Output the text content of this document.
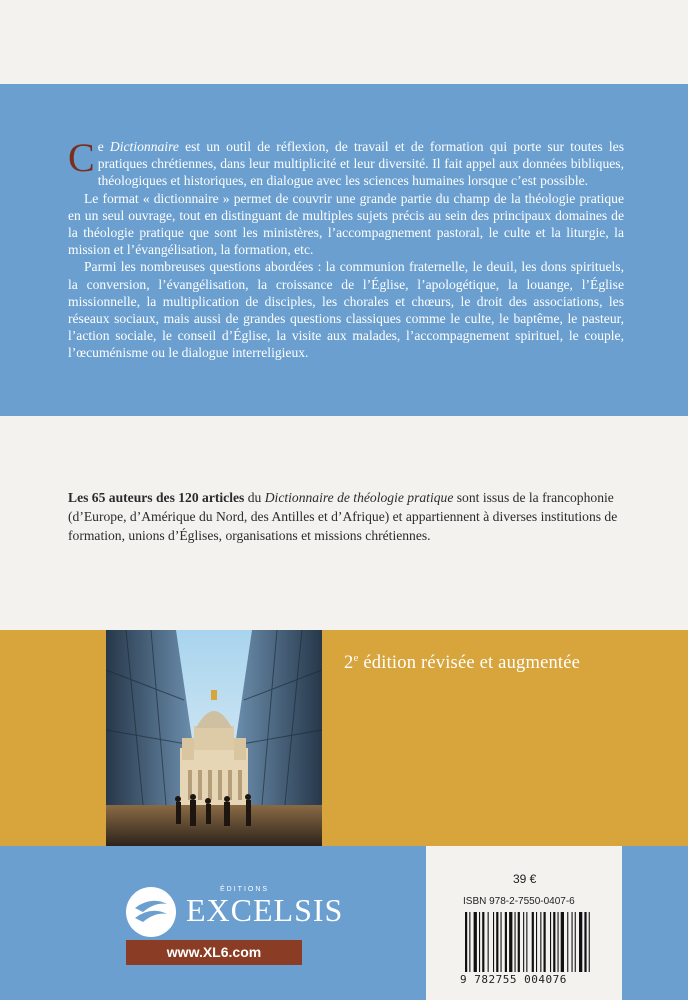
Ce Dictionnaire est un outil de réflexion, de travail et de formation qui porte sur toutes les pratiques chrétiennes, dans leur multiplicité et leur diversité. Il fait appel aux données bibliques, théologiques et historiques, en dialogue avec les sciences humaines lorsque c’est possible.

Le format « dictionnaire » permet de couvrir une grande partie du champ de la théologie pratique en un seul ouvrage, tout en distinguant de multiples sujets précis au sein des principaux domaines de la théologie pratique que sont les ministères, l’accompagnement pastoral, le culte et la liturgie, la mission et l’évangélisation, la formation, etc.

Parmi les nombreuses questions abordées : la communion fraternelle, le deuil, les dons spirituels, la conversion, l’évangélisation, la croissance de l’Église, l’apologétique, la louange, l’Église missionnelle, la multiplication de disciples, les chorales et chœurs, le droit des associations, les réseaux sociaux, mais aussi de grandes questions classiques comme le culte, le baptême, le pasteur, l’action sociale, le conseil d’Église, la visite aux malades, l’accompagnement spirituel, le couple, l’œcuménisme ou le dialogue interreligieux.

Les 65 auteurs des 120 articles du Dictionnaire de théologie pratique sont issus de la francophonie (d’Europe, d’Amérique du Nord, des Antilles et d’Afrique) et appartiennent à diverses institutions de formation, unions d’Églises, organisations et missions chrétiennes.
2e édition révisée et augmentée
ÉDITIONS
EXCELSIS
www.XL6.com
39 €
ISBN 978-2-7550-0407-6
9 782755 004076
